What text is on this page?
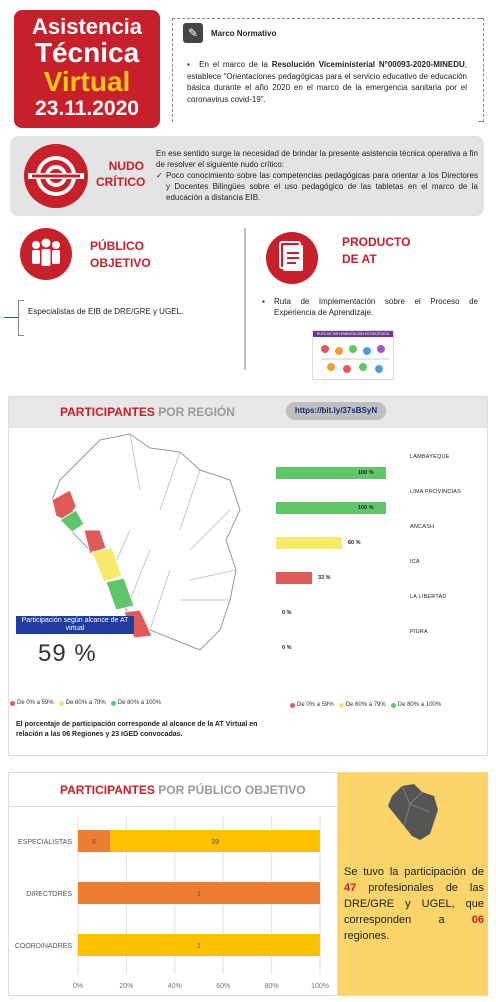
Asistencia
Técnica
Virtual
23.11.2020
✎	Marco Normativo
▪ En el marco de la Resolución Viceministerial N°00093-2020-MINEDU, establece “Orientaciones pedagógicas para el servicio educativo de educación básica durante el año 2020 en el marco de la emergencia sanitaria por el coronavirus covid-19”.
NUDO
CRÍTICO
En ese sentido surge la necesidad de brindar la presente asistencia técnica operativa a fin de resolver el siguiente nudo crítico:
✓ Poco conocimiento sobre las competencias pedagógicas para orientar a los Directores y Docentes Bilingües sobre el uso pedagógico de las tabletas en el marco de la educación a distancia EIB.
PÚBLICO
OBJETIVO
Especialistas de EIB de DRE/GRE y UGEL.
PRODUCTO
DE AT
▪	Ruta de Implementación sobre el Proceso de Experiencia de Aprendizaje.
RUTA DE IMPLEMENTACIÓN ESTRATÉGICA
PARTICIPANTES POR REGIÓN	https://bit.ly/37sBSyN
Participación según alcance de AT virtual
59 %
De 0% a 59% De 60% a 79% De 80% a 100%
El porcentaje de participación corresponde al alcance de la AT Virtual en relación a las 06 Regiones y 23 IGED convocadas.
LAMBAYEQUE
100 %
LIMA PROVINCIAS
100 %
ANCASH
60 %
ICA
33 %
LA LIBERTAD
0 %
PIURA
0 %
De 0% a 59% De 60% a 79% De 80% a 100%
PARTICIPANTES POR PÚBLICO OBJETIVO
0%	20%	40%	60%	80%	100%
ESPECIALISTAS	6	39
DIRECTORES	1
COORDINADRES	1
Se tuvo la participación de 47 profesionales de las DRE/GRE y UGEL, que corresponden a 06 regiones.
